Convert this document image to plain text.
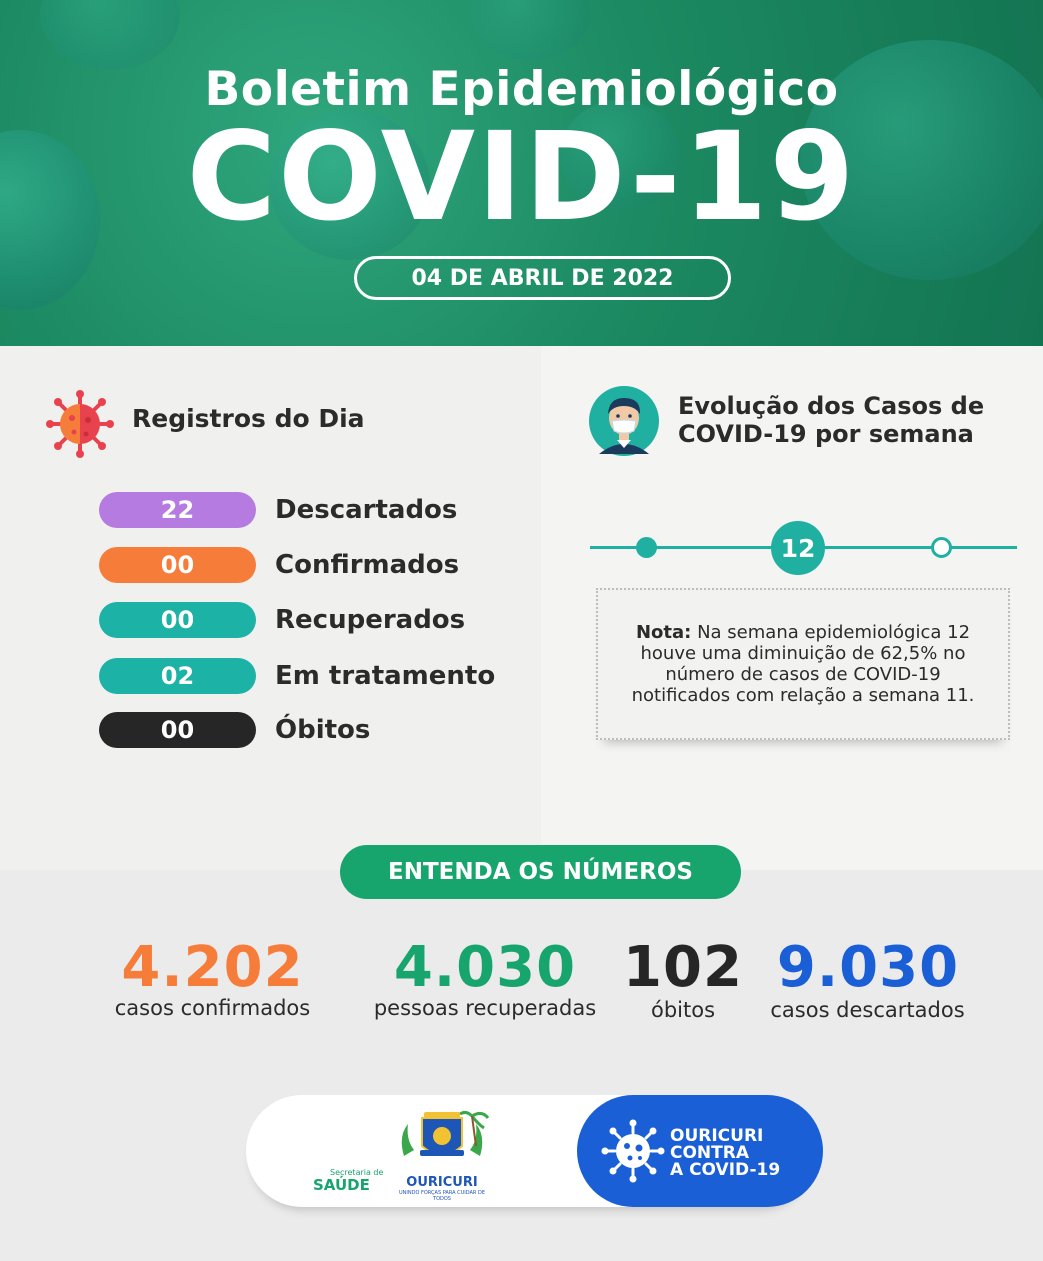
Boletim Epidemiológico
COVID-19
04 DE ABRIL DE 2022
Registros do Dia
22	Descartados
00	Confirmados
00	Recuperados
02	Em tratamento
00	Óbitos
Evolução dos Casos de
COVID-19 por semana
12

Nota: Na semana epidemiológica 12 houve uma diminuição de 62,5% no número de casos de COVID-19 notificados com relação a semana 11.

ENTENDA OS NÚMEROS
4.202
casos confirmados
4.030
pessoas recuperadas
102
óbitos
9.030
casos descartados
Secretaria de
SAÚDE	OURICURI
UNINDO FORÇAS PARA CUIDAR DE TODOS
OURICURI
CONTRA
A COVID-19
